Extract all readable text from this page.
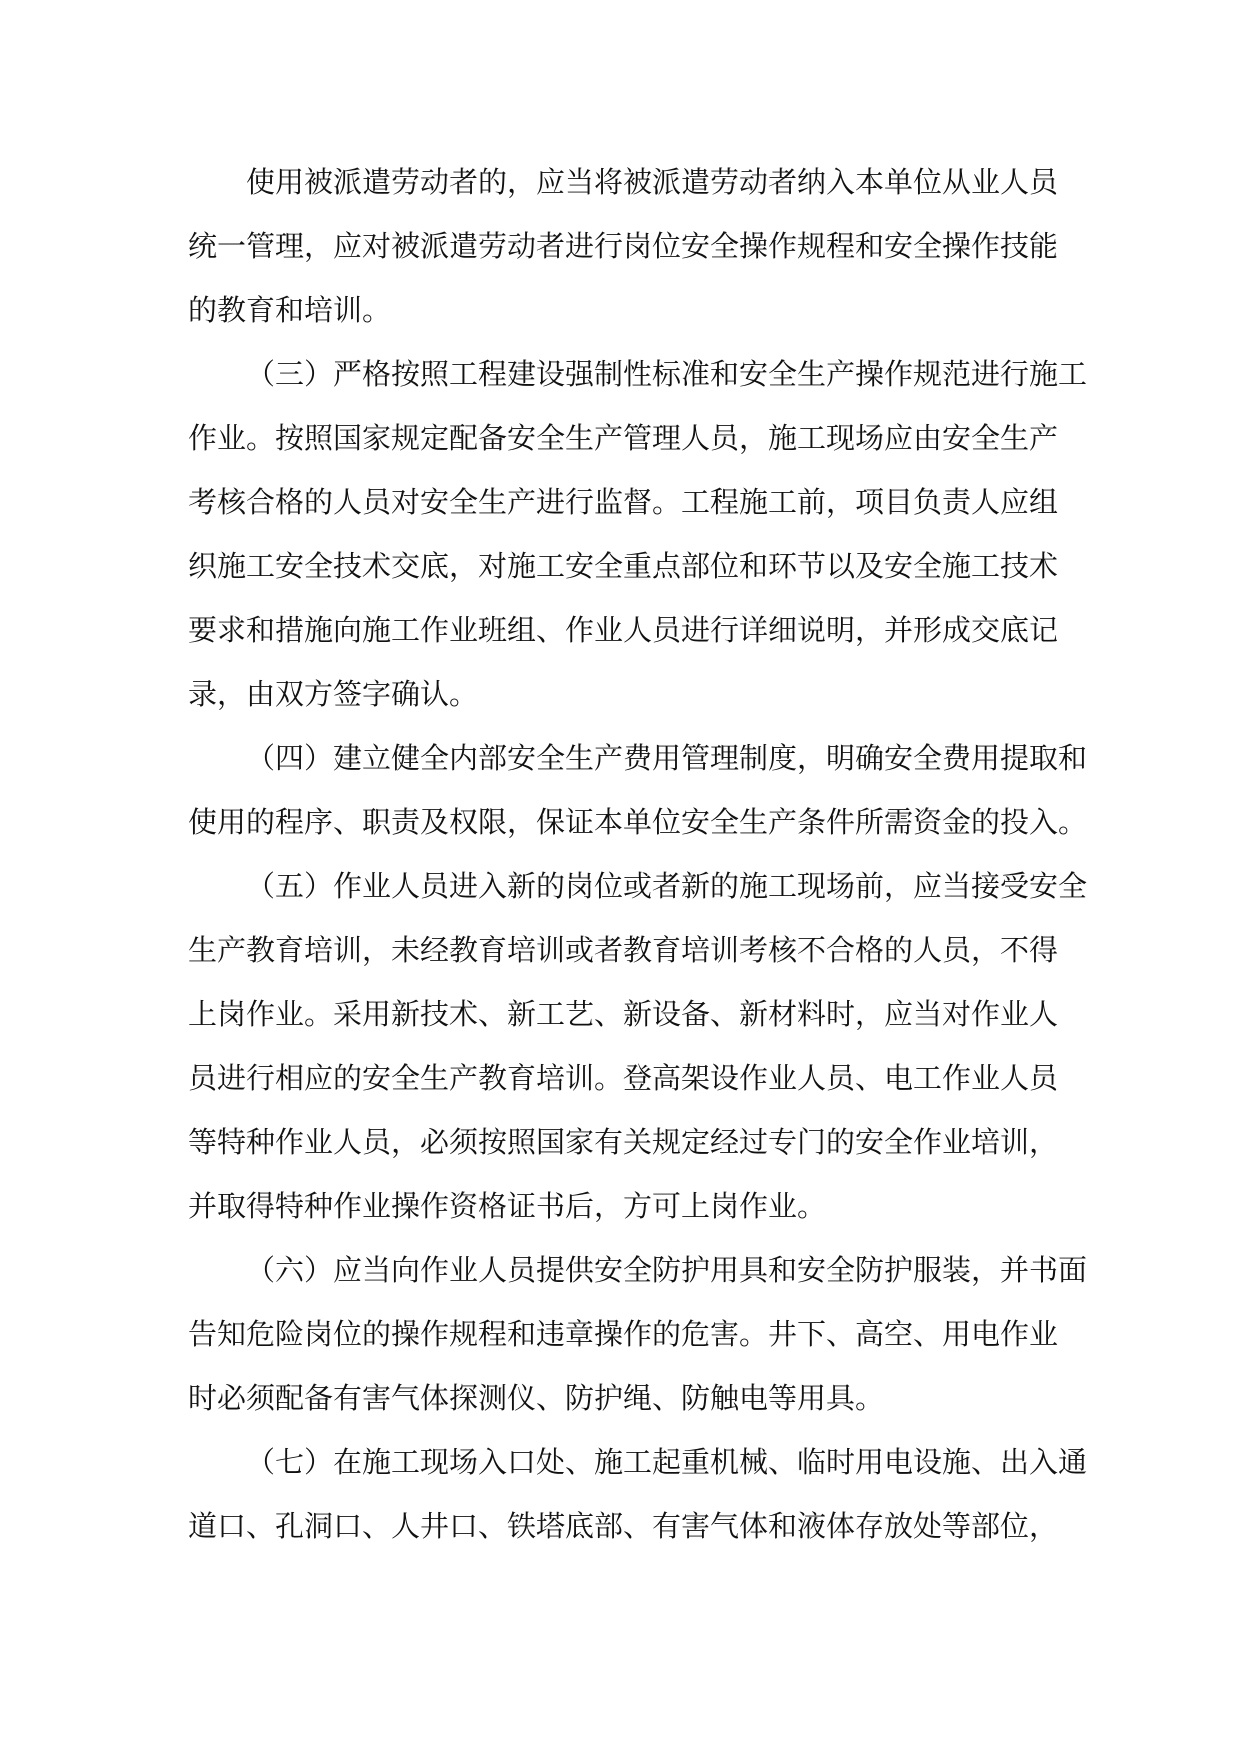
使用被派遣劳动者的，应当将被派遣劳动者纳入本单位从业人员
统一管理，应对被派遣劳动者进行岗位安全操作规程和安全操作技能
的教育和培训。
（三）严格按照工程建设强制性标准和安全生产操作规范进行施工
作业。按照国家规定配备安全生产管理人员，施工现场应由安全生产
考核合格的人员对安全生产进行监督。工程施工前，项目负责人应组
织施工安全技术交底，对施工安全重点部位和环节以及安全施工技术
要求和措施向施工作业班组、作业人员进行详细说明，并形成交底记
录，由双方签字确认。
（四）建立健全内部安全生产费用管理制度，明确安全费用提取和
使用的程序、职责及权限，保证本单位安全生产条件所需资金的投入。
（五）作业人员进入新的岗位或者新的施工现场前，应当接受安全
生产教育培训，未经教育培训或者教育培训考核不合格的人员，不得
上岗作业。采用新技术、新工艺、新设备、新材料时，应当对作业人
员进行相应的安全生产教育培训。登高架设作业人员、电工作业人员
等特种作业人员，必须按照国家有关规定经过专门的安全作业培训，
并取得特种作业操作资格证书后，方可上岗作业。
（六）应当向作业人员提供安全防护用具和安全防护服装，并书面
告知危险岗位的操作规程和违章操作的危害。井下、高空、用电作业
时必须配备有害气体探测仪、防护绳、防触电等用具。
（七）在施工现场入口处、施工起重机械、临时用电设施、出入通
道口、孔洞口、人井口、铁塔底部、有害气体和液体存放处等部位，
